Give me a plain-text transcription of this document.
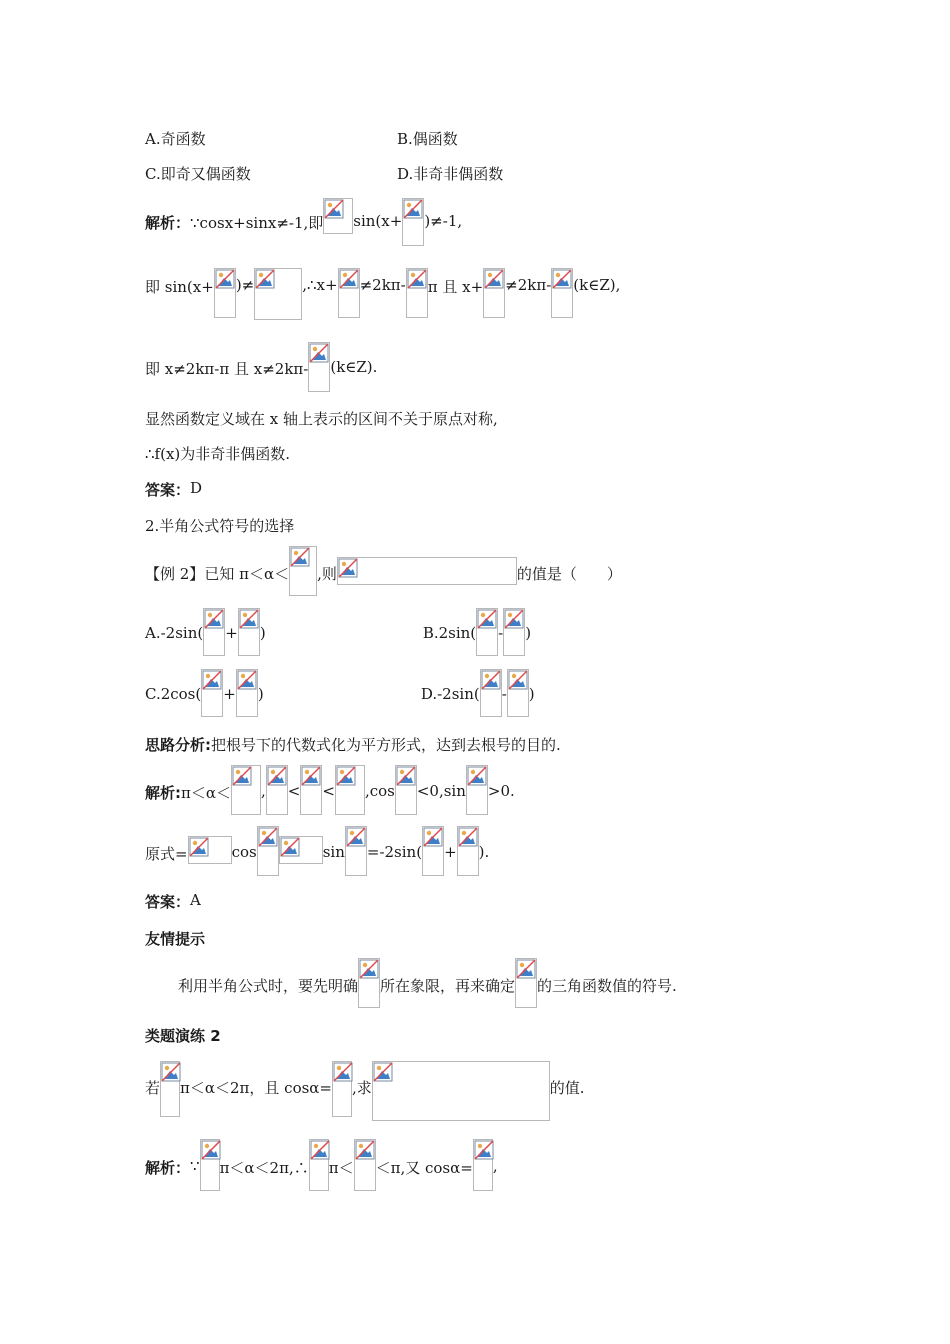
A.奇函数	B.偶函数
C.即奇又偶函数	D.非奇非偶函数
解析： ∵cosx+sinx≠-1,即 sin(x+ )≠-1,
即 sin(x+ )≠	,∴x+ ≠2kπ- π 且 x+ ≠2kπ- (k∈Z),
即 x≠2kπ-π 且 x≠2kπ- (k∈Z).
显然函数定义域在 x 轴上表示的区间不关于原点对称,
∴f(x)为非奇非偶函数.
答案： D
2.半角公式符号的选择
【例 2】 已知 π＜α＜ ,则	的值是（　　）
A.-2sin( + )	B.2sin( - )
C.2cos( + )	D.-2sin( - )
思路分析: 把根号下的代数式化为平方形式，达到去根号的目的.
解析: π＜α＜ , < < ,cos <0,sin >0.
原式=	cos	sin =-2sin( + ).
答案： A
友情提示
利用半角公式时，要先明确 所在象限，再来确定 的三角函数值的符号.
类题演练 2
若 π＜α＜2π，且 cosα= ,求	的值.
解析： ∵ π＜α＜2π,∴ π＜ ＜π,又 cosα= ,
